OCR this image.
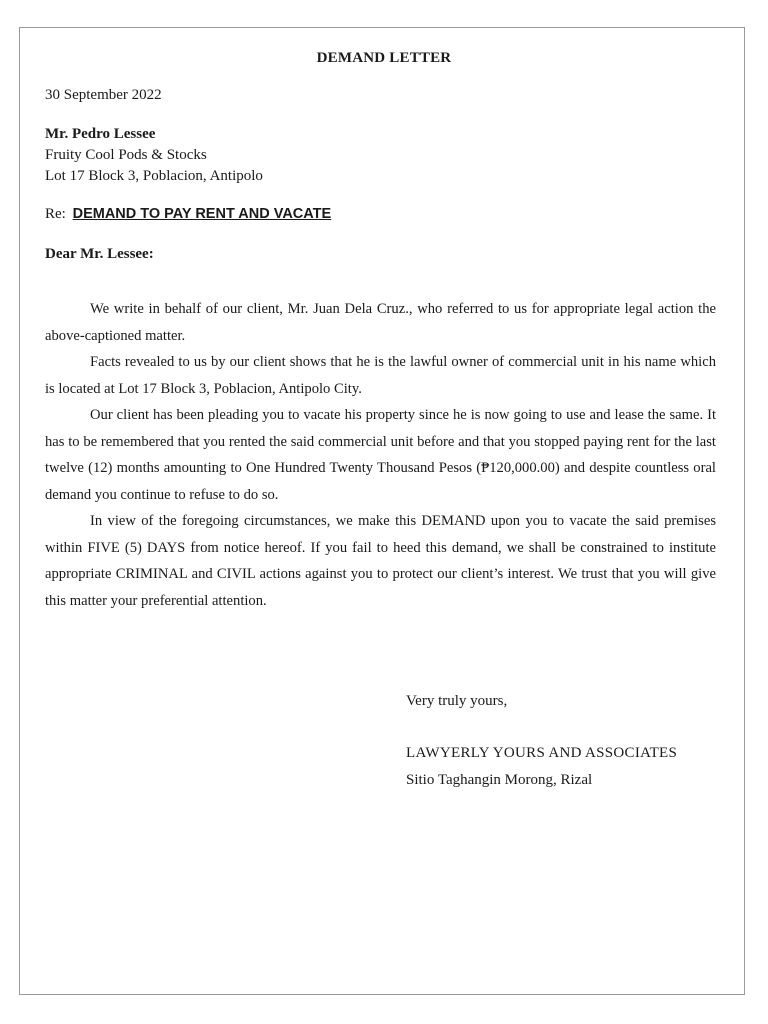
DEMAND LETTER
30 September 2022
Mr. Pedro Lessee
Fruity Cool Pods & Stocks
Lot 17 Block 3, Poblacion, Antipolo
Re: DEMAND TO PAY RENT AND VACATE
Dear Mr. Lessee:

We write in behalf of our client, Mr. Juan Dela Cruz., who referred to us for appropriate legal action the above-captioned matter.

Facts revealed to us by our client shows that he is the lawful owner of commercial unit in his name which is located at Lot 17 Block 3, Poblacion, Antipolo City.

Our client has been pleading you to vacate his property since he is now going to use and lease the same. It has to be remembered that you rented the said commercial unit before and that you stopped paying rent for the last twelve (12) months amounting to One Hundred Twenty Thousand Pesos (₱120,000.00) and despite countless oral demand you continue to refuse to do so.

In view of the foregoing circumstances, we make this DEMAND upon you to vacate the said premises within FIVE (5) DAYS from notice hereof. If you fail to heed this demand, we shall be constrained to institute appropriate CRIMINAL and CIVIL actions against you to protect our client’s interest. We trust that you will give this matter your preferential attention.

Very truly yours,
LAWYERLY YOURS AND ASSOCIATES
Sitio Taghangin Morong, Rizal
